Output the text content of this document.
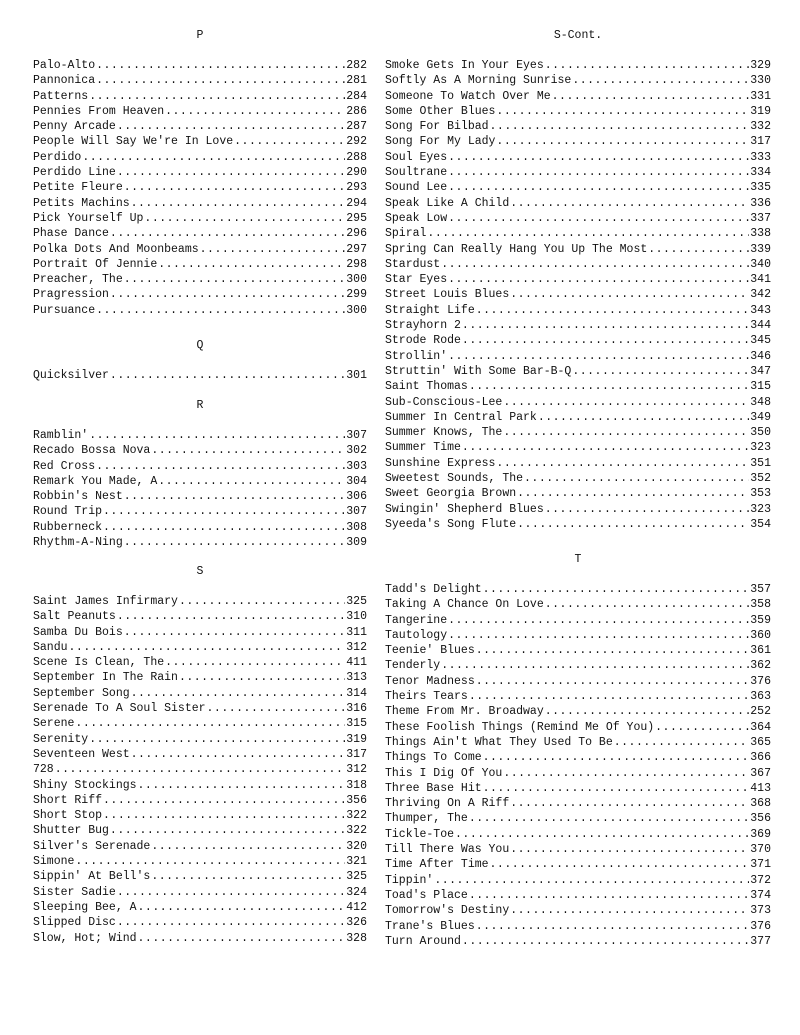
P
Palo-Alto .....	282
Pannonica .....	281
Patterns .....	284
Pennies From Heaven .....	286
Penny Arcade .....	287
People Will Say We're In Love .....	292
Perdido .....	288
Perdido Line .....	290
Petite Fleure .....	293
Petits Machins .....	294
Pick Yourself Up .....	295
Phase Dance .....	296
Polka Dots And Moonbeams .....	297
Portrait Of Jennie .....	298
Preacher, The .....	300
Pragression .....	299
Pursuance .....	300
Q
Quicksilver .....	301
R
Ramblin' .....	307
Recado Bossa Nova .....	302
Red Cross .....	303
Remark You Made, A .....	304
Robbin's Nest .....	306
Round Trip .....	307
Rubberneck .....	308
Rhythm-A-Ning .....	309
S
Saint James Infirmary .....	325
Salt Peanuts .....	310
Samba Du Bois .....	311
Sandu .....	312
Scene Is Clean, The .....	411
September In The Rain .....	313
September Song .....	314
Serenade To A Soul Sister .....	316
Serene .....	315
Serenity .....	319
Seventeen West .....	317
728 .....	312
Shiny Stockings .....	318
Short Riff .....	356
Short Stop .....	322
Shutter Bug .....	322
Silver's Serenade .....	320
Simone .....	321
Sippin' At Bell's .....	325
Sister Sadie .....	324
Sleeping Bee, A .....	412
Slipped Disc .....	326
Slow, Hot; Wind .....	328
S-Cont.
Smoke Gets In Your Eyes .....	329
Softly As A Morning Sunrise .....	330
Someone To Watch Over Me .....	331
Some Other Blues .....	319
Song For Bilbad .....	332
Song For My Lady .....	317
Soul Eyes .....	333
Soultrane .....	334
Sound Lee .....	335
Speak Like A Child .....	336
Speak Low .....	337
Spiral .....	338
Spring Can Really Hang You Up The Most .....	339
Stardust .....	340
Star Eyes .....	341
Street Louis Blues .....	342
Straight Life .....	343
Strayhorn 2 .....	344
Strode Rode .....	345
Strollin' .....	346
Struttin' With Some Bar-B-Q .....	347
Saint Thomas .....	315
Sub-Conscious-Lee .....	348
Summer In Central Park .....	349
Summer Knows, The .....	350
Summer Time .....	323
Sunshine Express .....	351
Sweetest Sounds, The .....	352
Sweet Georgia Brown .....	353
Swingin' Shepherd Blues .....	323
Syeeda's Song Flute .....	354
T
Tadd's Delight .....	357
Taking A Chance On Love .....	358
Tangerine .....	359
Tautology .....	360
Teenie' Blues .....	361
Tenderly .....	362
Tenor Madness .....	376
Theirs Tears .....	363
Theme From Mr. Broadway .....	252
These Foolish Things (Remind Me Of You) .....	364
Things Ain't What They Used To Be .....	365
Things To Come .....	366
This I Dig Of You .....	367
Three Base Hit .....	413
Thriving On A Riff .....	368
Thumper, The .....	356
Tickle-Toe .....	369
Till There Was You .....	370
Time After Time .....	371
Tippin' .....	372
Toad's Place .....	374
Tomorrow's Destiny .....	373
Trane's Blues .....	376
Turn Around .....	377
